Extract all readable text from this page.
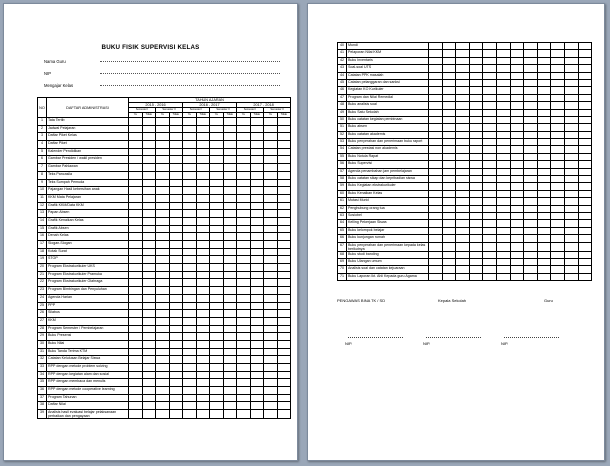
BUKU FISIK SUPERVISI KELAS
Nama Guru
NIP
Mengajar Kelas
NO	DAFTAR ADMINISTRASI	TAHUN AJARAN											
		2015 - 2016				2016 - 2017				2017 - 2018			
		Semester I		Semester II		Semester I		Semester II		Semester I		Semester II	
		Ya	Tidak	Ya	Tidak	Ya	Tidak	Ya	Tidak	Ya	Tidak	Ya	Tidak
1	Tata Tertib												
2	Jadwal Pelajaran												
3	Daftar Piket Kelas												
4	Daftar Piket												
5	Kalender Pendidikan												
6	Gambar Presiden / wakil presiden												
7	Gambar Pahlawan												
8	Teks Pancasila												
9	Teks Sumpah Pemuda												
10	Pajangan Hasil kebersihan anak												
11	KKM Mata Pelajaran												
12	Grafik KKM/Data KKM												
13	Papan Absen												
14	Grafik Kenaikan Kelas												
15	Grafik Absen												
16	Denah Kelas												
17	Slogan-Slogan												
18	Kotak Surat												
19	STOP												
20	Program Ekstrakurikuler UKS												
21	Program Ekstrakurikuler Pramuka												
22	Program Ekstrakurikuler Olahraga												
23	Program Bimbingan dan Penyuluhan												
24	Agenda Harian												
25	PPP												
26	Silabus												
27	KKM												
28	Program Semester / Pembelajaran												
29	Buku Presensi												
30	Buku Nilai												
31	Buku Tanda Terima KTM												
32	Catatan Kelulusan Belajar Siswa												
33	RPP dengan metode problem solving												
34	RPP dengan kegiatan alam dan sosial												
35	RPP dengan membaca dan menulis												
36	RPP dengan metode cooperative learning												
37	Program Tahunan												
38	Daftar Nilai												
39	Analisis hasil evaluasi belajar pelaksanaan perbaikan dan pengayaan												
40	Mundi												
41	Pelaporan Nilai KKM												
42	Buku Inventaris												
43	Soal-soal UTS												
44	Catatan PPK masalah												
45	Catatan pelanggaran dan sanksi												
46	Kegiatan KO Kurikuler												
47	Program dan Nilai Remedial												
48	Buku analisis soal												
49	Buku Satu Sekolah												
50	Buku catatan kegiatan pembinaan												
51	Buku absen												
52	Buku catatan akademis												
53	Buku penyerahan dan penerimaan buku raport												
54	Catatan prestasi non akademis												
55	Buku Notula Rapat												
56	Buku Supervisi												
57	Agenda penambahan jam pembelajaran												
58	Buku catatan sikap dan kepribadian siswa												
59	Buku Kegiatan ekstrakurikuler												
60	Buku Kenaikan Kelas												
61	Mutasi Murid												
62	Penghubung orang tua												
63	Sosiobel												
64	Kelling Pekerjaan Siswa												
65	Buku kelompok belajar												
66	Buku kunjungan rumah												
67	Buku penyerahan dan penerimaan kepada kelas berikutnya												
68	Buku studi banding												
69	Buku Ulangan umum												
70	Analisis soal dan catatan kejuaraan												
71	Buku Laporan Ikt. Ahli Kepada guru Agama												
PENGAWAS BINA TK / SD	Kepala Sekolah	Guru
NIP.	NIP.	NIP.
